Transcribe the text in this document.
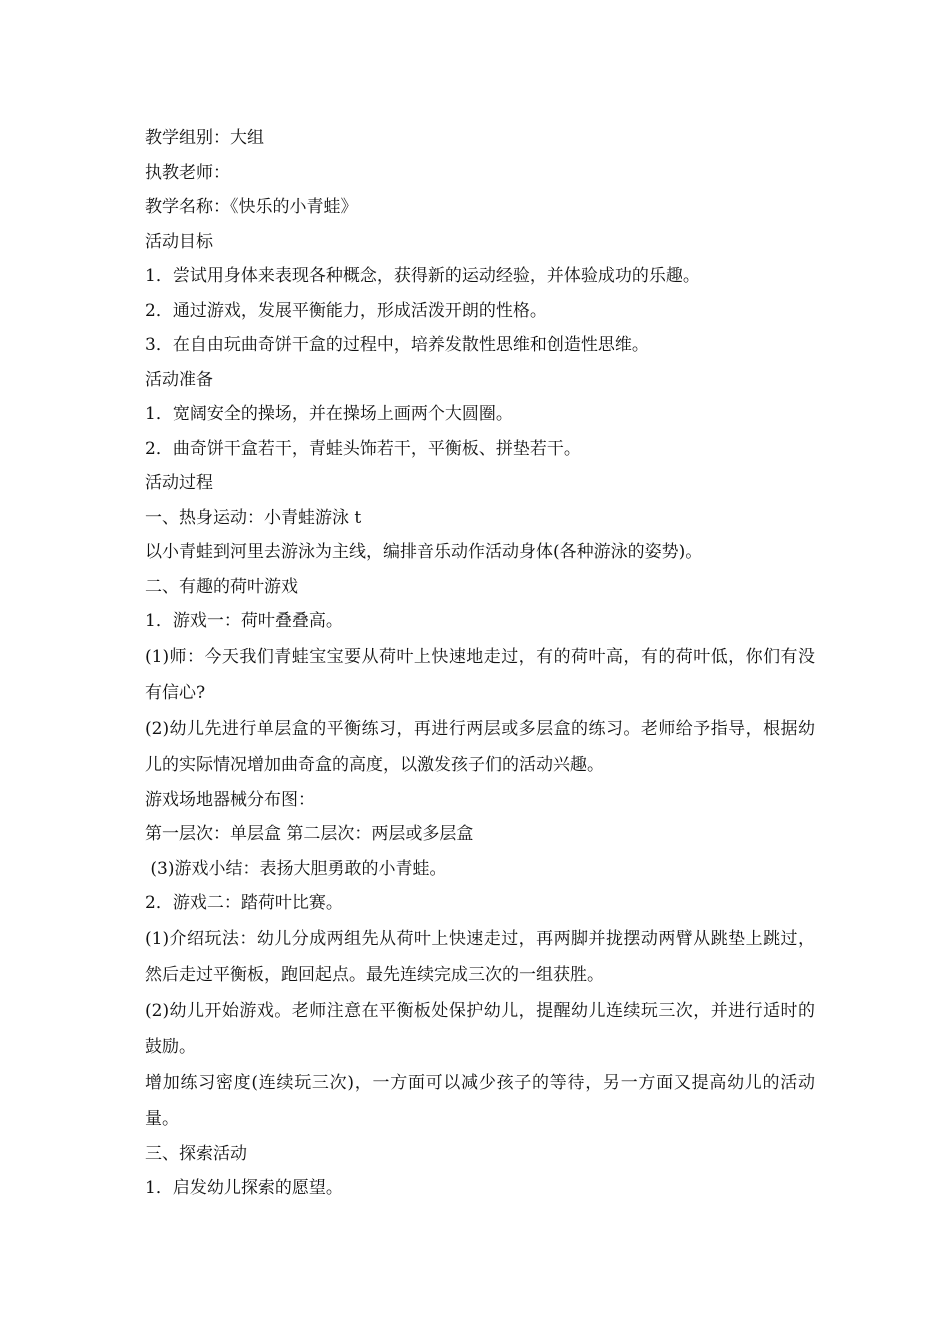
教学组别：大组

执教老师：

教学名称：《快乐的小青蛙》

活动目标

1．尝试用身体来表现各种概念，获得新的运动经验，并体验成功的乐趣。

2．通过游戏，发展平衡能力，形成活泼开朗的性格。

3．在自由玩曲奇饼干盒的过程中，培养发散性思维和创造性思维。

活动准备

1．宽阔安全的操场，并在操场上画两个大圆圈。

2．曲奇饼干盒若干，青蛙头饰若干，平衡板、拼垫若干。

活动过程

一、热身运动：小青蛙游泳 t

以小青蛙到河里去游泳为主线，编排音乐动作活动身体(各种游泳的姿势)。

二、有趣的荷叶游戏

1．游戏一：荷叶叠叠高。

(1)师：今天我们青蛙宝宝要从荷叶上快速地走过，有的荷叶高，有的荷叶低，你们有没有信心?

(2)幼儿先进行单层盒的平衡练习，再进行两层或多层盒的练习。老师给予指导，根据幼儿的实际情况增加曲奇盒的高度，以激发孩子们的活动兴趣。

游戏场地器械分布图：

第一层次：单层盒 第二层次：两层或多层盒

(3)游戏小结：表扬大胆勇敢的小青蛙。

2．游戏二：踏荷叶比赛。

(1)介绍玩法：幼儿分成两组先从荷叶上快速走过，再两脚并拢摆动两臂从跳垫上跳过，然后走过平衡板，跑回起点。最先连续完成三次的一组获胜。

(2)幼儿开始游戏。老师注意在平衡板处保护幼儿，提醒幼儿连续玩三次，并进行适时的鼓励。

增加练习密度(连续玩三次)，一方面可以减少孩子的等待，另一方面又提高幼儿的活动量。

三、探索活动

1．启发幼儿探索的愿望。
